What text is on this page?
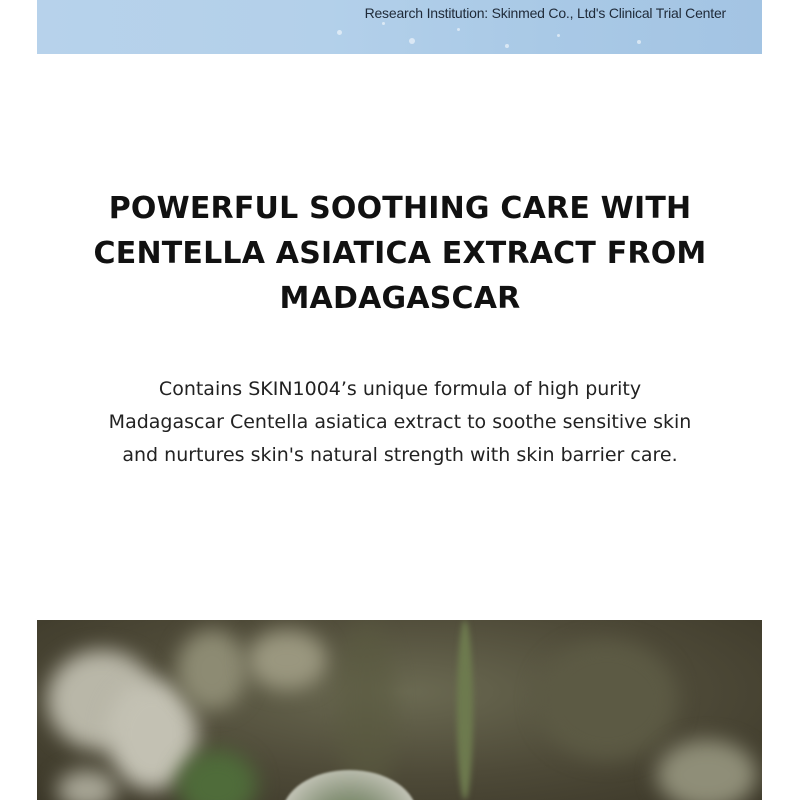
Research Institution: Skinmed Co., Ltd's Clinical Trial Center
POWERFUL SOOTHING CARE WITH
CENTELLA ASIATICA EXTRACT FROM
MADAGASCAR

Contains SKIN1004’s unique formula of high purity
Madagascar Centella asiatica extract to soothe sensitive skin
and nurtures skin's natural strength with skin barrier care.
